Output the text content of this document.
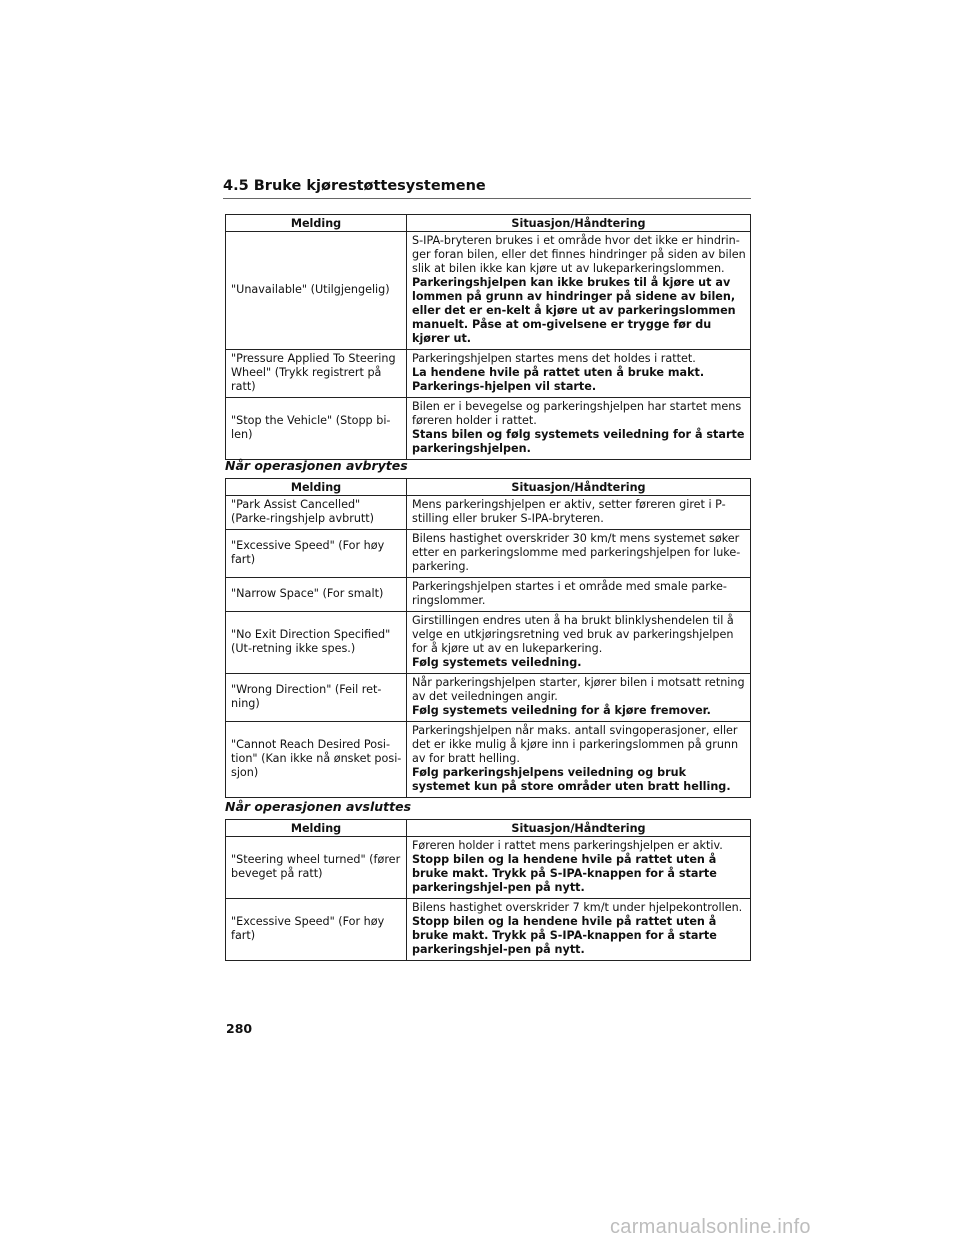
4.5 Bruke kjørestøttesystemene
Melding	Situasjon/Håndtering
"Unavailable" (Utilgjengelig)	S-IPA-bryteren brukes i et område hvor det ikke er hindrin-ger foran bilen, eller det finnes hindringer på siden av bilen slik at bilen ikke kan kjøre ut av lukeparkeringslommen.
Parkeringshjelpen kan ikke brukes til å kjøre ut av lommen på grunn av hindringer på sidene av bilen, eller det er en-kelt å kjøre ut av parkeringslommen manuelt. Påse at om-givelsene er trygge før du kjører ut.

"Pressure Applied To Steering Wheel" (Trykk registrert på ratt)	Parkeringshjelpen startes mens det holdes i rattet.
La hendene hvile på rattet uten å bruke makt. Parkerings-hjelpen vil starte.

"Stop the Vehicle" (Stopp bi-len)	Bilen er i bevegelse og parkeringshjelpen har startet mens føreren holder i rattet.
Stans bilen og følg systemets veiledning for å starte parkeringshjelpen.
Når operasjonen avbrytes
Melding	Situasjon/Håndtering
"Park Assist Cancelled" (Parke-ringshjelp avbrutt)	Mens parkeringshjelpen er aktiv, setter føreren giret i P-stilling eller bruker S-IPA-bryteren.

"Excessive Speed" (For høy fart)	Bilens hastighet overskrider 30 km/t mens systemet søker etter en parkeringslomme med parkeringshjelpen for luke-parkering.

"Narrow Space" (For smalt)	Parkeringshjelpen startes i et område med smale parke-ringslommer.

"No Exit Direction Specified" (Ut-retning ikke spes.)	Girstillingen endres uten å ha brukt blinklyshendelen til å velge en utkjøringsretning ved bruk av parkeringshjelpen for å kjøre ut av en lukeparkering.
Følg systemets veiledning.

"Wrong Direction" (Feil ret-ning)	Når parkeringshjelpen starter, kjører bilen i motsatt retning av det veiledningen angir.
Følg systemets veiledning for å kjøre fremover.

"Cannot Reach Desired Posi-tion" (Kan ikke nå ønsket posi-sjon)	Parkeringshjelpen når maks. antall svingoperasjoner, eller det er ikke mulig å kjøre inn i parkeringslommen på grunn av for bratt helling.
Følg parkeringshjelpens veiledning og bruk systemet kun på store områder uten bratt helling.
Når operasjonen avsluttes
Melding	Situasjon/Håndtering
"Steering wheel turned" (fører beveget på ratt)	Føreren holder i rattet mens parkeringshjelpen er aktiv.
Stopp bilen og la hendene hvile på rattet uten å bruke makt. Trykk på S-IPA-knappen for å starte parkeringshjel-pen på nytt.

"Excessive Speed" (For høy fart)	Bilens hastighet overskrider 7 km/t under hjelpekontrollen.
Stopp bilen og la hendene hvile på rattet uten å bruke makt. Trykk på S-IPA-knappen for å starte parkeringshjel-pen på nytt.
280
carmanualsonline.info
